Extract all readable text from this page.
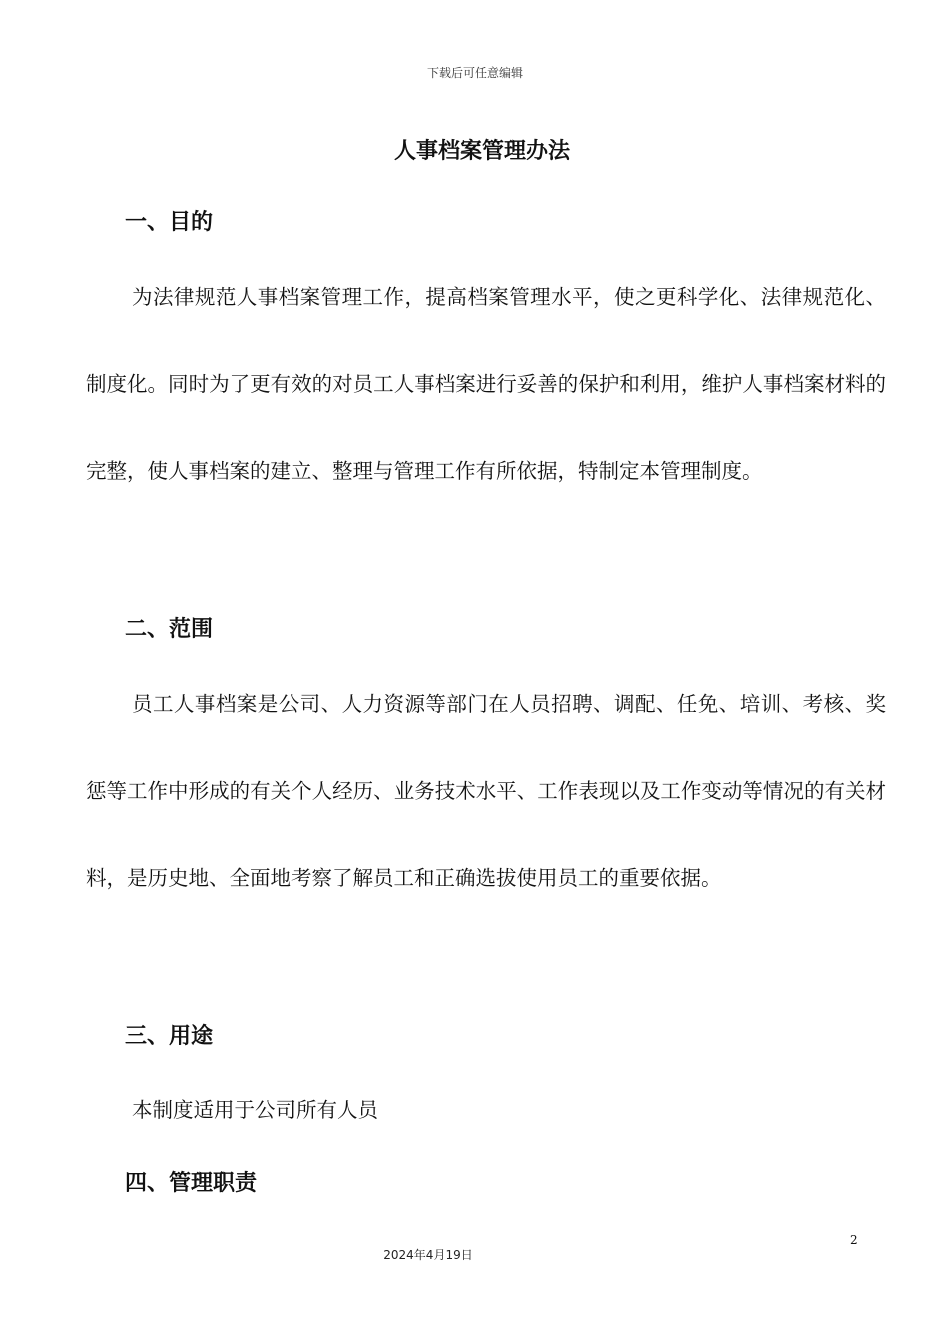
下载后可任意编辑
人事档案管理办法
一、目的

为法律规范人事档案管理工作，提高档案管理水平，使之更科学化、法律规范化、制度化。同时为了更有效的对员工人事档案进行妥善的保护和利用，维护人事档案材料的完整，使人事档案的建立、整理与管理工作有所依据，特制定本管理制度。

二、范围

员工人事档案是公司、人力资源等部门在人员招聘、调配、任免、培训、考核、奖惩等工作中形成的有关个人经历、业务技术水平、工作表现以及工作变动等情况的有关材料，是历史地、全面地考察了解员工和正确选拔使用员工的重要依据。

三、用途

本制度适用于公司所有人员

四、管理职责
2
2024年4月19日
